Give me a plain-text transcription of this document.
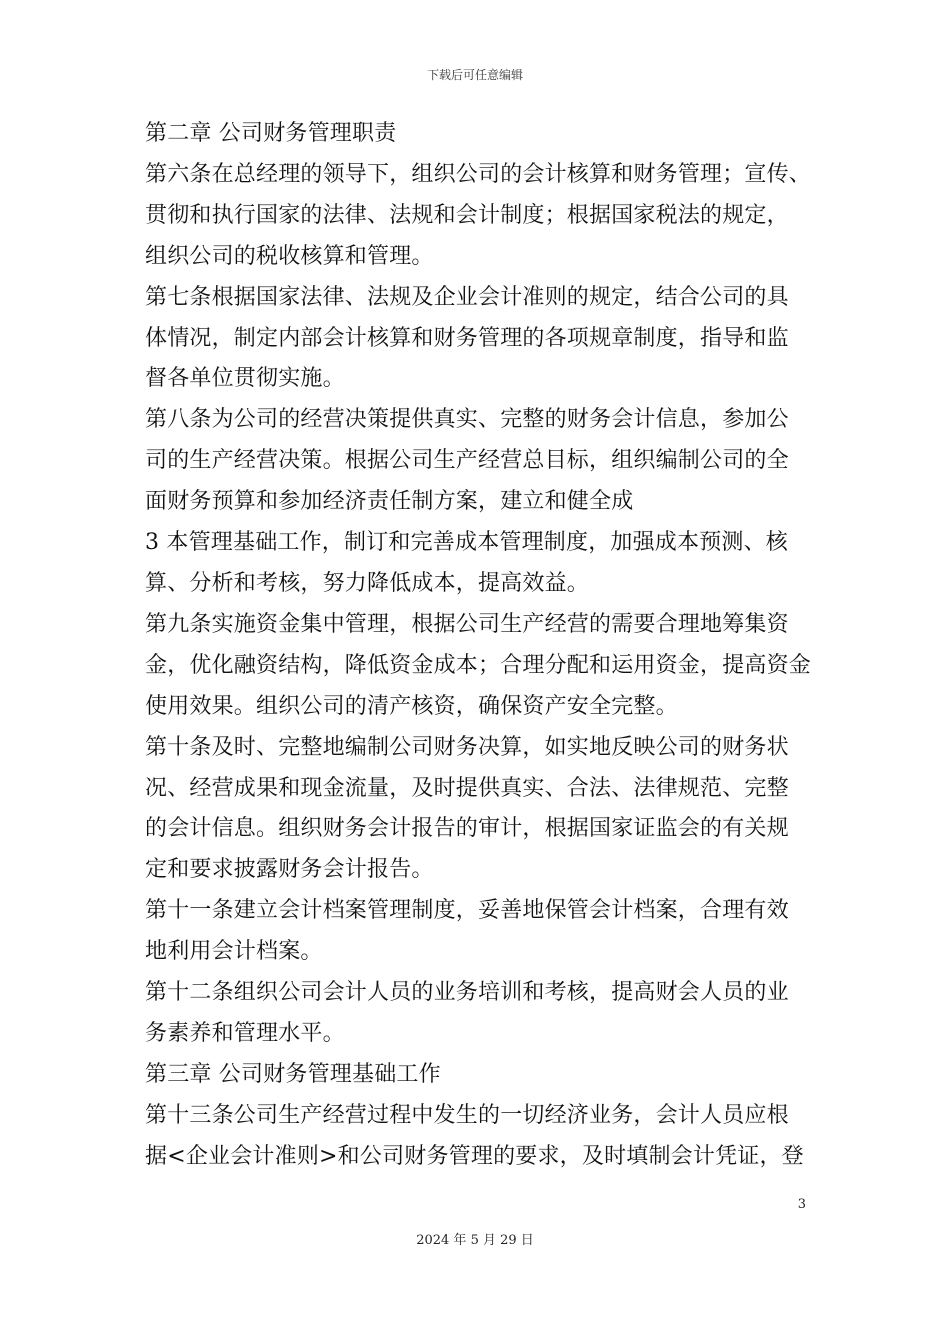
下载后可任意编辑

第二章 公司财务管理职责

第六条在总经理的领导下，组织公司的会计核算和财务管理；宣传、

贯彻和执行国家的法律、法规和会计制度；根据国家税法的规定，

组织公司的税收核算和管理。

第七条根据国家法律、法规及企业会计准则的规定，结合公司的具

体情况，制定内部会计核算和财务管理的各项规章制度，指导和监

督各单位贯彻实施。

第八条为公司的经营决策提供真实、完整的财务会计信息，参加公

司的生产经营决策。根据公司生产经营总目标，组织编制公司的全

面财务预算和参加经济责任制方案，建立和健全成

3 本管理基础工作，制订和完善成本管理制度，加强成本预测、核

算、分析和考核，努力降低成本，提高效益。

第九条实施资金集中管理，根据公司生产经营的需要合理地筹集资

金，优化融资结构，降低资金成本；合理分配和运用资金，提高资金

使用效果。组织公司的清产核资，确保资产安全完整。

第十条及时、完整地编制公司财务决算，如实地反映公司的财务状

况、经营成果和现金流量，及时提供真实、合法、法律规范、完整

的会计信息。组织财务会计报告的审计，根据国家证监会的有关规

定和要求披露财务会计报告。

第十一条建立会计档案管理制度，妥善地保管会计档案，合理有效

地利用会计档案。

第十二条组织公司会计人员的业务培训和考核，提高财会人员的业

务素养和管理水平。

第三章 公司财务管理基础工作

第十三条公司生产经营过程中发生的一切经济业务，会计人员应根

据<企业会计准则>和公司财务管理的要求，及时填制会计凭证，登

3
2024 年 5 月 29 日
